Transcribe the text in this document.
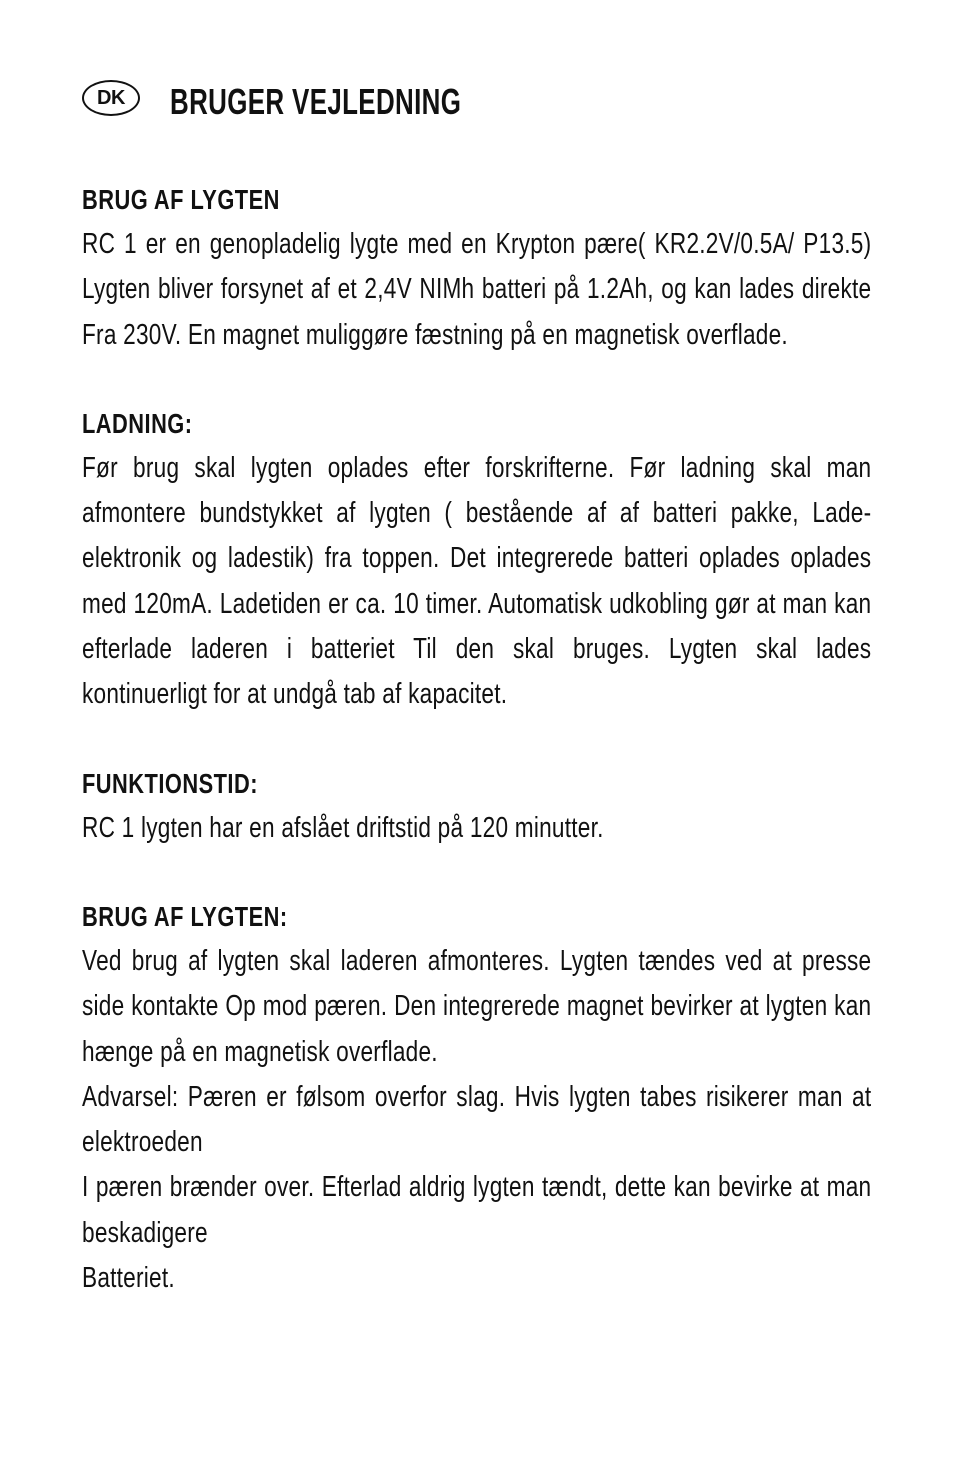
DK	BRUGER VEJLEDNING
BRUG AF LYGTEN

RC 1 er en genopladelig lygte med en Krypton pære( KR2.2V/0.5A/ P13.5) Lygten bliver forsynet af et 2,4V NIMh batteri på 1.2Ah, og kan lades direkte Fra 230V. En magnet muliggøre fæstning på en magnetisk overflade.

LADNING:

Før brug skal lygten oplades efter forskrifterne. Før ladning skal man afmontere bundstykket af lygten ( bestående af af batteri pakke, Lade-elektronik og ladestik) fra toppen. Det integrerede batteri oplades oplades med 120mA. Ladetiden er ca. 10 timer. Automatisk udkobling gør at man kan efterlade laderen i batteriet Til den skal bruges. Lygten skal lades kontinuerligt for at undgå tab af kapacitet.

FUNKTIONSTID:

RC 1 lygten har en afslået driftstid på 120 minutter.

BRUG AF LYGTEN:

Ved brug af lygten skal laderen afmonteres. Lygten tændes ved at presse side kontakte Op mod pæren. Den integrerede magnet bevirker at lygten kan hænge på en magnetisk overflade.

Advarsel: Pæren er følsom overfor slag. Hvis lygten tabes risikerer man at elektroeden

I pæren brænder over. Efterlad aldrig lygten tændt, dette kan bevirke at man beskadigere

Batteriet.
